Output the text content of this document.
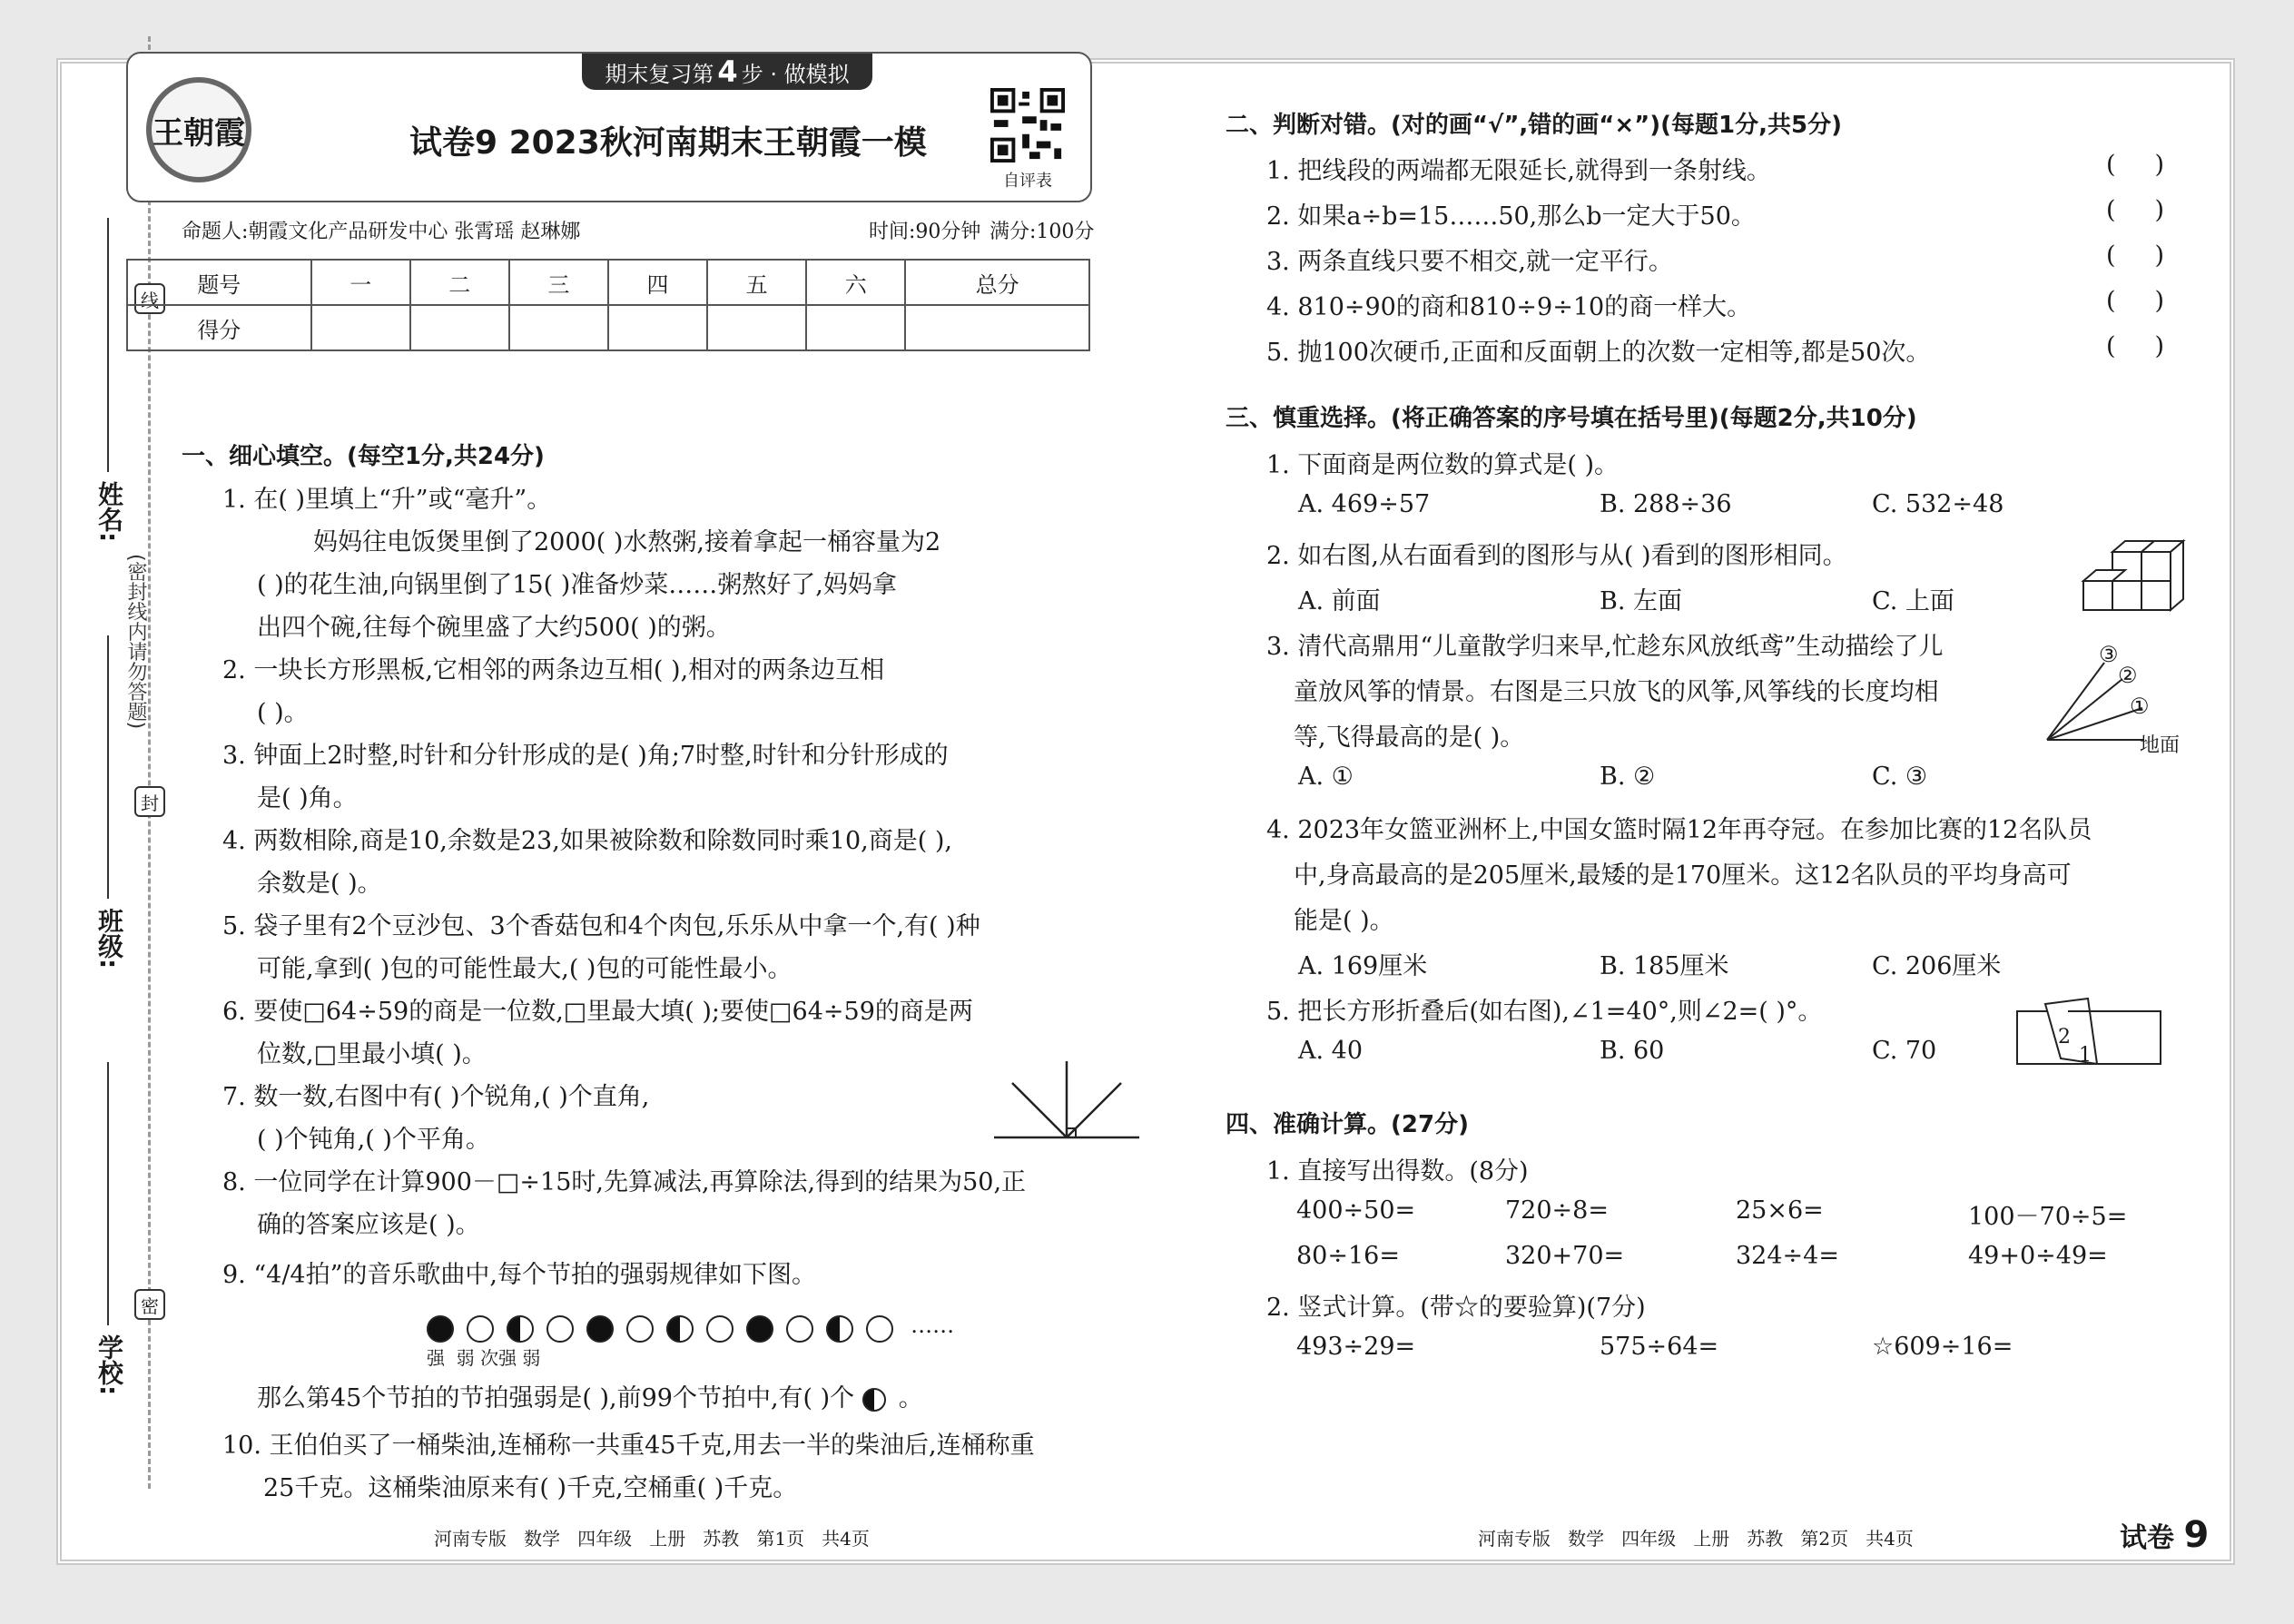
姓名:
班级:
学校:
(密封线内请勿答题)
线
封
密
期末复习第 4 步 · 做模拟
王朝霞	试卷9 2023秋河南期末王朝霞一模
自评表
命题人:朝霞文化产品研发中心 张霄瑶 赵琳娜	时间:90分钟 满分:100分
题号	一	二	三	四	五	六	总分
得分							
一、细心填空。(每空1分,共24分)
1. 在( )里填上“升”或“毫升”。
妈妈往电饭煲里倒了2000( )水熬粥,接着拿起一桶容量为2
( )的花生油,向锅里倒了15( )准备炒菜……粥熬好了,妈妈拿
出四个碗,往每个碗里盛了大约500( )的粥。
2. 一块长方形黑板,它相邻的两条边互相( ),相对的两条边互相
( )。
3. 钟面上2时整,时针和分针形成的是( )角;7时整,时针和分针形成的
是( )角。
4. 两数相除,商是10,余数是23,如果被除数和除数同时乘10,商是( ),
余数是( )。
5. 袋子里有2个豆沙包、3个香菇包和4个肉包,乐乐从中拿一个,有( )种
可能,拿到( )包的可能性最大,( )包的可能性最小。
6. 要使□64÷59的商是一位数,□里最大填( );要使□64÷59的商是两
位数,□里最小填( )。
7. 数一数,右图中有( )个锐角,( )个直角,
( )个钝角,( )个平角。
8. 一位同学在计算900－□÷15时,先算减法,再算除法,得到的结果为50,正
确的答案应该是( )。
9. “4/4拍”的音乐歌曲中,每个节拍的强弱规律如下图。
……
强  弱 次强 弱
那么第45个节拍的节拍强弱是( ),前99个节拍中,有( )个 。
10. 王伯伯买了一桶柴油,连桶称一共重45千克,用去一半的柴油后,连桶称重
25千克。这桶柴油原来有( )千克,空桶重( )千克。
二、判断对错。(对的画“√”,错的画“×”)(每题1分,共5分)
1. 把线段的两端都无限延长,就得到一条射线。
2. 如果a÷b=15……50,那么b一定大于50。
3. 两条直线只要不相交,就一定平行。
4. 810÷90的商和810÷9÷10的商一样大。
5. 抛100次硬币,正面和反面朝上的次数一定相等,都是50次。
(     )
(     )
(     )
(     )
(     )
三、慎重选择。(将正确答案的序号填在括号里)(每题2分,共10分)
1. 下面商是两位数的算式是( )。
A. 469÷57	B. 288÷36	C. 532÷48
2. 如右图,从右面看到的图形与从( )看到的图形相同。
A. 前面	B. 左面	C. 上面
3. 清代高鼎用“儿童散学归来早,忙趁东风放纸鸢”生动描绘了儿
童放风筝的情景。右图是三只放飞的风筝,风筝线的长度均相
等,飞得最高的是( )。
A. ①	B. ②	C. ③
③
②
①
地面
4. 2023年女篮亚洲杯上,中国女篮时隔12年再夺冠。在参加比赛的12名队员
中,身高最高的是205厘米,最矮的是170厘米。这12名队员的平均身高可
能是( )。
A. 169厘米	B. 185厘米	C. 206厘米
5. 把长方形折叠后(如右图),∠1=40°,则∠2=( )°。
A. 40	B. 60	C. 70	2
1
四、准确计算。(27分)
1. 直接写出得数。(8分)
400÷50=	720÷8=	25×6=	100－70÷5=
80÷16=	320+70=	324÷4=	49+0÷49=
2. 竖式计算。(带☆的要验算)(7分)
493÷29=	575÷64=	☆609÷16=
河南专版   数学   四年级   上册   苏教   第1页   共4页	河南专版   数学   四年级   上册   苏教   第2页   共4页	试卷 9
